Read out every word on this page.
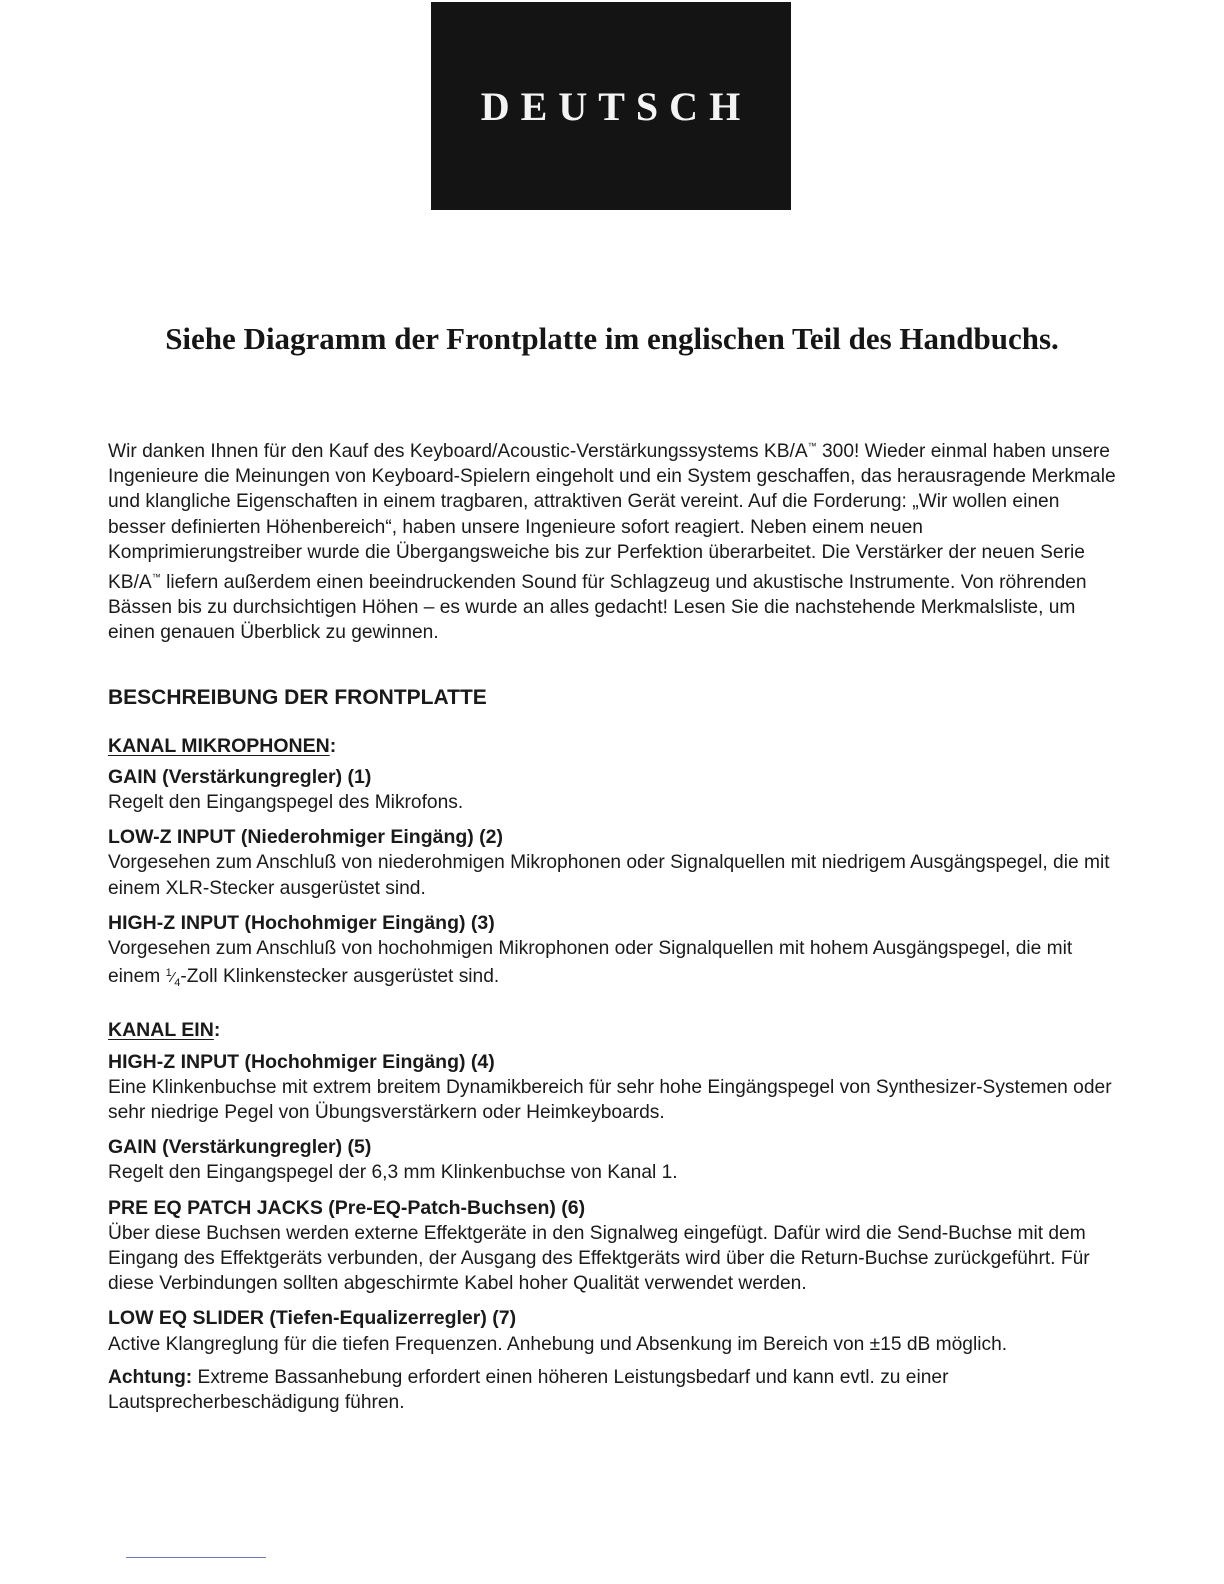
DEUTSCH
Siehe Diagramm der Frontplatte im englischen Teil des Handbuchs.

Wir danken Ihnen für den Kauf des Keyboard/Acoustic-Verstärkungssystems KB/A™ 300! Wieder einmal haben unsere Ingenieure die Meinungen von Keyboard-Spielern eingeholt und ein System geschaffen, das herausragende Merkmale und klangliche Eigenschaften in einem tragbaren, attraktiven Gerät vereint. Auf die Forderung: „Wir wollen einen besser definierten Höhenbereich“, haben unsere Ingenieure sofort reagiert. Neben einem neuen Komprimierungstreiber wurde die Übergangsweiche bis zur Perfektion überarbeitet. Die Verstärker der neuen Serie KB/A™ liefern außerdem einen beeindruckenden Sound für Schlagzeug und akustische Instrumente. Von röhrenden Bässen bis zu durchsichtigen Höhen – es wurde an alles gedacht! Lesen Sie die nachstehende Merkmalsliste, um einen genauen Überblick zu gewinnen.

BESCHREIBUNG DER FRONTPLATTE
KANAL MIKROPHONEN:
GAIN (Verstärkungregler) (1)
Regelt den Eingangspegel des Mikrofons.
LOW-Z INPUT (Niederohmiger Eingäng) (2)
Vorgesehen zum Anschluß von niederohmigen Mikrophonen oder Signalquellen mit niedrigem Ausgängspegel, die mit einem XLR-Stecker ausgerüstet sind.
HIGH-Z INPUT (Hochohmiger Eingäng) (3)
Vorgesehen zum Anschluß von hochohmigen Mikrophonen oder Signalquellen mit hohem Ausgängspegel, die mit einem $^1⁄_4$-Zoll Klinkenstecker ausgerüstet sind.
KANAL EIN:
HIGH-Z INPUT (Hochohmiger Eingäng) (4)
Eine Klinkenbuchse mit extrem breitem Dynamikbereich für sehr hohe Eingängspegel von Synthesizer-Systemen oder sehr niedrige Pegel von Übungsverstärkern oder Heimkeyboards.
GAIN (Verstärkungregler) (5)
Regelt den Eingangspegel der 6,3 mm Klinkenbuchse von Kanal 1.
PRE EQ PATCH JACKS (Pre-EQ-Patch-Buchsen) (6)
Über diese Buchsen werden externe Effektgeräte in den Signalweg eingefügt. Dafür wird die Send-Buchse mit dem Eingang des Effektgeräts verbunden, der Ausgang des Effektgeräts wird über die Return-Buchse zurückgeführt. Für diese Verbindungen sollten abgeschirmte Kabel hoher Qualität verwendet werden.
LOW EQ SLIDER (Tiefen-Equalizerregler) (7)
Active Klangreglung für die tiefen Frequenzen. Anhebung und Absenkung im Bereich von ±15 dB möglich.

Achtung: Extreme Bassanhebung erfordert einen höheren Leistungsbedarf und kann evtl. zu einer Lautsprecherbeschädigung führen.
